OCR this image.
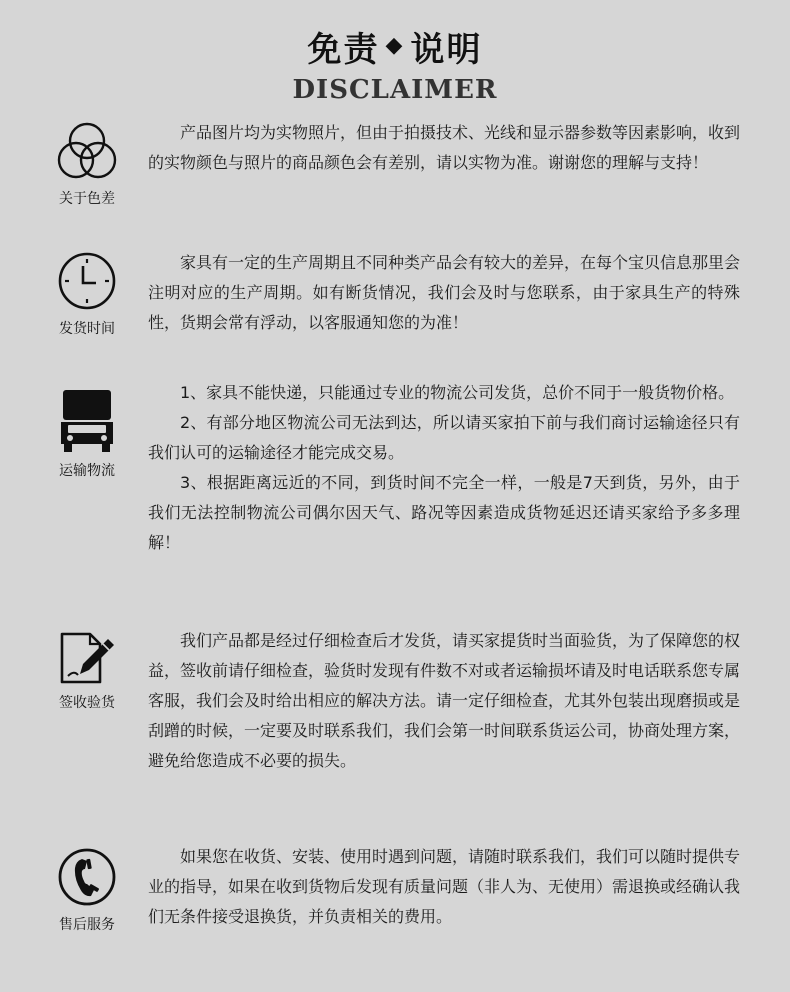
免责 ◆ 说明
DISCLAIMER
关于色差

产品图片均为实物照片，但由于拍摄技术、光线和显示器参数等因素影响，收到的实物颜色与照片的商品颜色会有差别，请以实物为准。谢谢您的理解与支持！

发货时间

家具有一定的生产周期且不同种类产品会有较大的差异，在每个宝贝信息那里会注明对应的生产周期。如有断货情况，我们会及时与您联系，由于家具生产的特殊性，货期会常有浮动，以客服通知您的为准！

运输物流

1、家具不能快递，只能通过专业的物流公司发货，总价不同于一般货物价格。

2、有部分地区物流公司无法到达，所以请买家拍下前与我们商讨运输途径只有我们认可的运输途径才能完成交易。

3、根据距离远近的不同，到货时间不完全一样，一般是7天到货，另外，由于我们无法控制物流公司偶尔因天气、路况等因素造成货物延迟还请买家给予多多理解！

签收验货

我们产品都是经过仔细检查后才发货，请买家提货时当面验货，为了保障您的权益，签收前请仔细检查，验货时发现有件数不对或者运输损坏请及时电话联系您专属客服，我们会及时给出相应的解决方法。请一定仔细检查，尤其外包装出现磨损或是刮蹭的时候，一定要及时联系我们，我们会第一时间联系货运公司，协商处理方案，避免给您造成不必要的损失。

售后服务

如果您在收货、安装、使用时遇到问题，请随时联系我们，我们可以随时提供专业的指导，如果在收到货物后发现有质量问题（非人为、无使用）需退换或经确认我们无条件接受退换货，并负责相关的费用。
